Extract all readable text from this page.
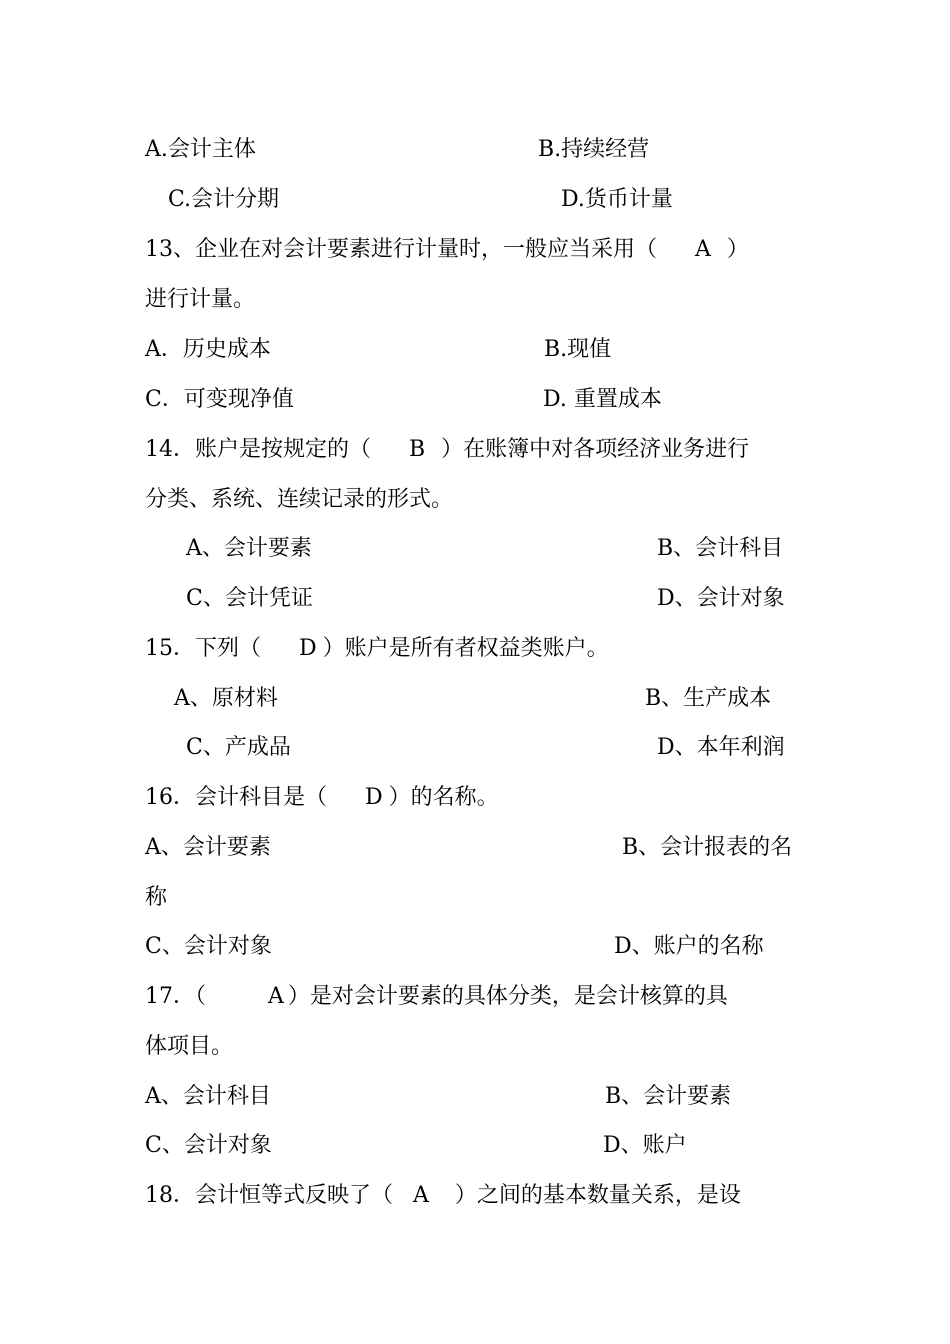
A.会计主体	B.持续经营
C.会计分期	D.货币计量
13、企业在对会计要素进行计量时，一般应当采用（ A ）
进行计量。
A．历史成本	B.现值
C．可变现净值	D. 重置成本
14．账户是按规定的（ B ）在账簿中对各项经济业务进行
分类、系统、连续记录的形式。
A、会计要素	B、会计科目
C、会计凭证	D、会计对象
15．下列（ D ）账户是所有者权益类账户。
A、原材料	B、生产成本
C、产成品	D、本年利润
16．会计科目是（ D ）的名称。
A、会计要素	B、会计报表的名
称
C、会计对象	D、账户的名称
17．（	A ）是对会计要素的具体分类，是会计核算的具
体项目。
A、会计科目	B、会计要素
C、会计对象	D、账户
18．会计恒等式反映了（ A ）之间的基本数量关系，是设
